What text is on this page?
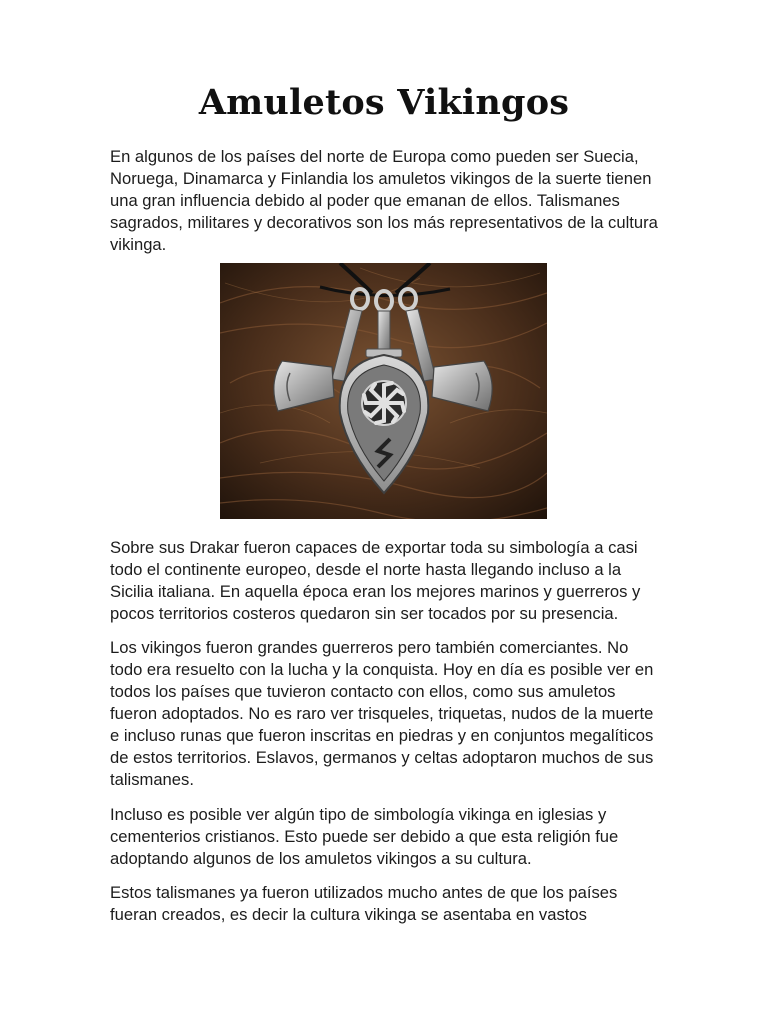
Amuletos Vikingos

En algunos de los países del norte de Europa como pueden ser Suecia, Noruega, Dinamarca y Finlandia los amuletos vikingos de la suerte tienen una gran influencia debido al poder que emanan de ellos. Talismanes sagrados, militares y decorativos son los más representativos de la cultura vikinga.

Sobre sus Drakar fueron capaces de exportar toda su simbología a casi todo el continente europeo, desde el norte hasta llegando incluso a la Sicilia italiana. En aquella época eran los mejores marinos y guerreros y pocos territorios costeros quedaron sin ser tocados por su presencia.

Los vikingos fueron grandes guerreros pero también comerciantes. No todo era resuelto con la lucha y la conquista. Hoy en día es posible ver en todos los países que tuvieron contacto con ellos, como sus amuletos fueron adoptados. No es raro ver trisqueles, triquetas, nudos de la muerte e incluso runas que fueron inscritas en piedras y en conjuntos megalíticos de estos territorios. Eslavos, germanos y celtas adoptaron muchos de sus talismanes.

Incluso es posible ver algún tipo de simbología vikinga en iglesias y cementerios cristianos. Esto puede ser debido a que esta religión fue adoptando algunos de los amuletos vikingos a su cultura.

Estos talismanes ya fueron utilizados mucho antes de que los países fueran creados, es decir la cultura vikinga se asentaba en vastos
